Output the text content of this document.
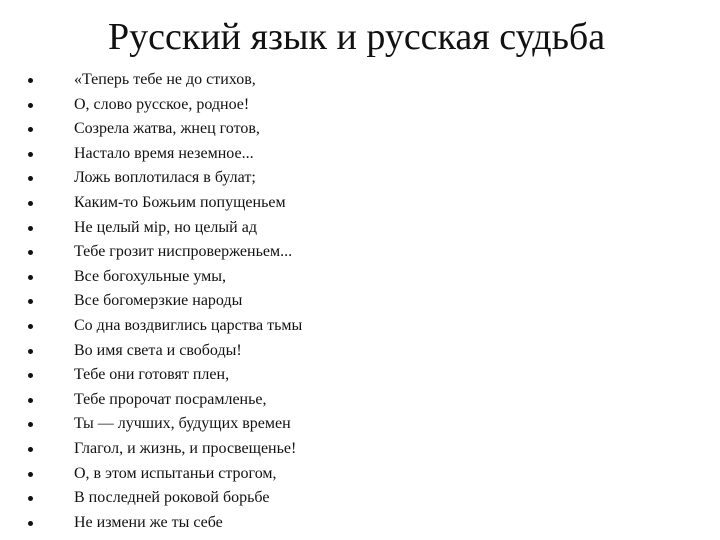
Русский язык и русская судьба
«Теперь тебе не до стихов,
О, слово русское, родное!
Созрела жатва, жнец готов,
Настало время неземное...
Ложь воплотилася в булат;
Каким-то Божьим попущеньем
Не целый мір, но целый ад
Тебе грозит ниспроверженьем...
Все богохульные умы,
Все богомерзкие народы
Со дна воздвиглись царства тьмы
Во имя света и свободы!
Тебе они готовят плен,
Тебе пророчат посрамленье,
Ты — лучших, будущих времен
Глагол, и жизнь, и просвещенье!
О, в этом испытаньи строгом,
В последней роковой борьбе
Не измени же ты себе
